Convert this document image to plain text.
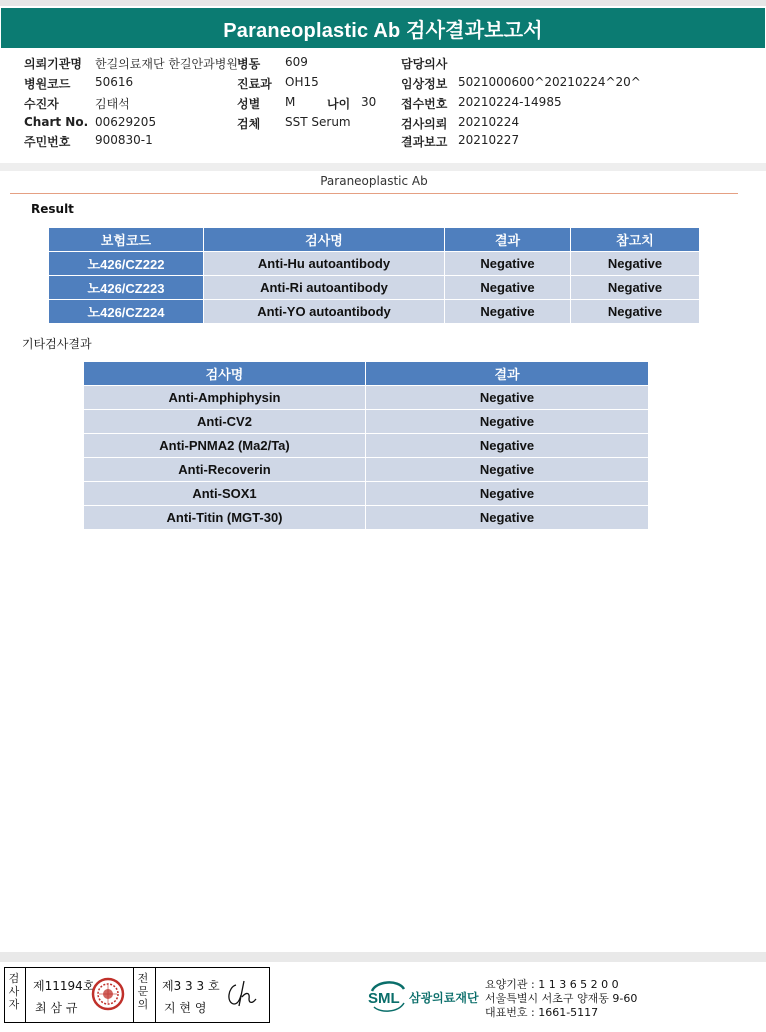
Paraneoplastic Ab 검사결과보고서
의뢰기관명 한길의료재단 한길안과병원 병동 609	담당의사
병원코드 50616	진료과 OH15	임상정보 5021000600^20210224^20^
수진자	김태석	성별 M	나이 30 접수번호 20210224-14985
Chart No. 00629205	검체 SST Serum	검사의뢰 20210224
주민번호 900830-1	결과보고 20210227
Paraneoplastic Ab
Result
보험코드	검사명	결과	참고치
노426/CZ222	Anti-Hu autoantibody	Negative	Negative
노426/CZ223	Anti-Ri autoantibody	Negative	Negative
노426/CZ224	Anti-YO autoantibody	Negative	Negative
기타검사결과
검사명	결과
Anti-Amphiphysin	Negative
Anti-CV2	Negative
Anti-PNMA2 (Ma2/Ta)	Negative
Anti-Recoverin	Negative
Anti-SOX1	Negative
Anti-Titin (MGT-30)	Negative
검
사
자
제11194호
최 삼 규
전
문
의
제3 3 3 호
지 현 영
SML 삼광의료재단
요양기관 : 1 1 3 6 5 2 0 0
서울특별시 서초구 양재동 9-60
대표번호 : 1661-5117
